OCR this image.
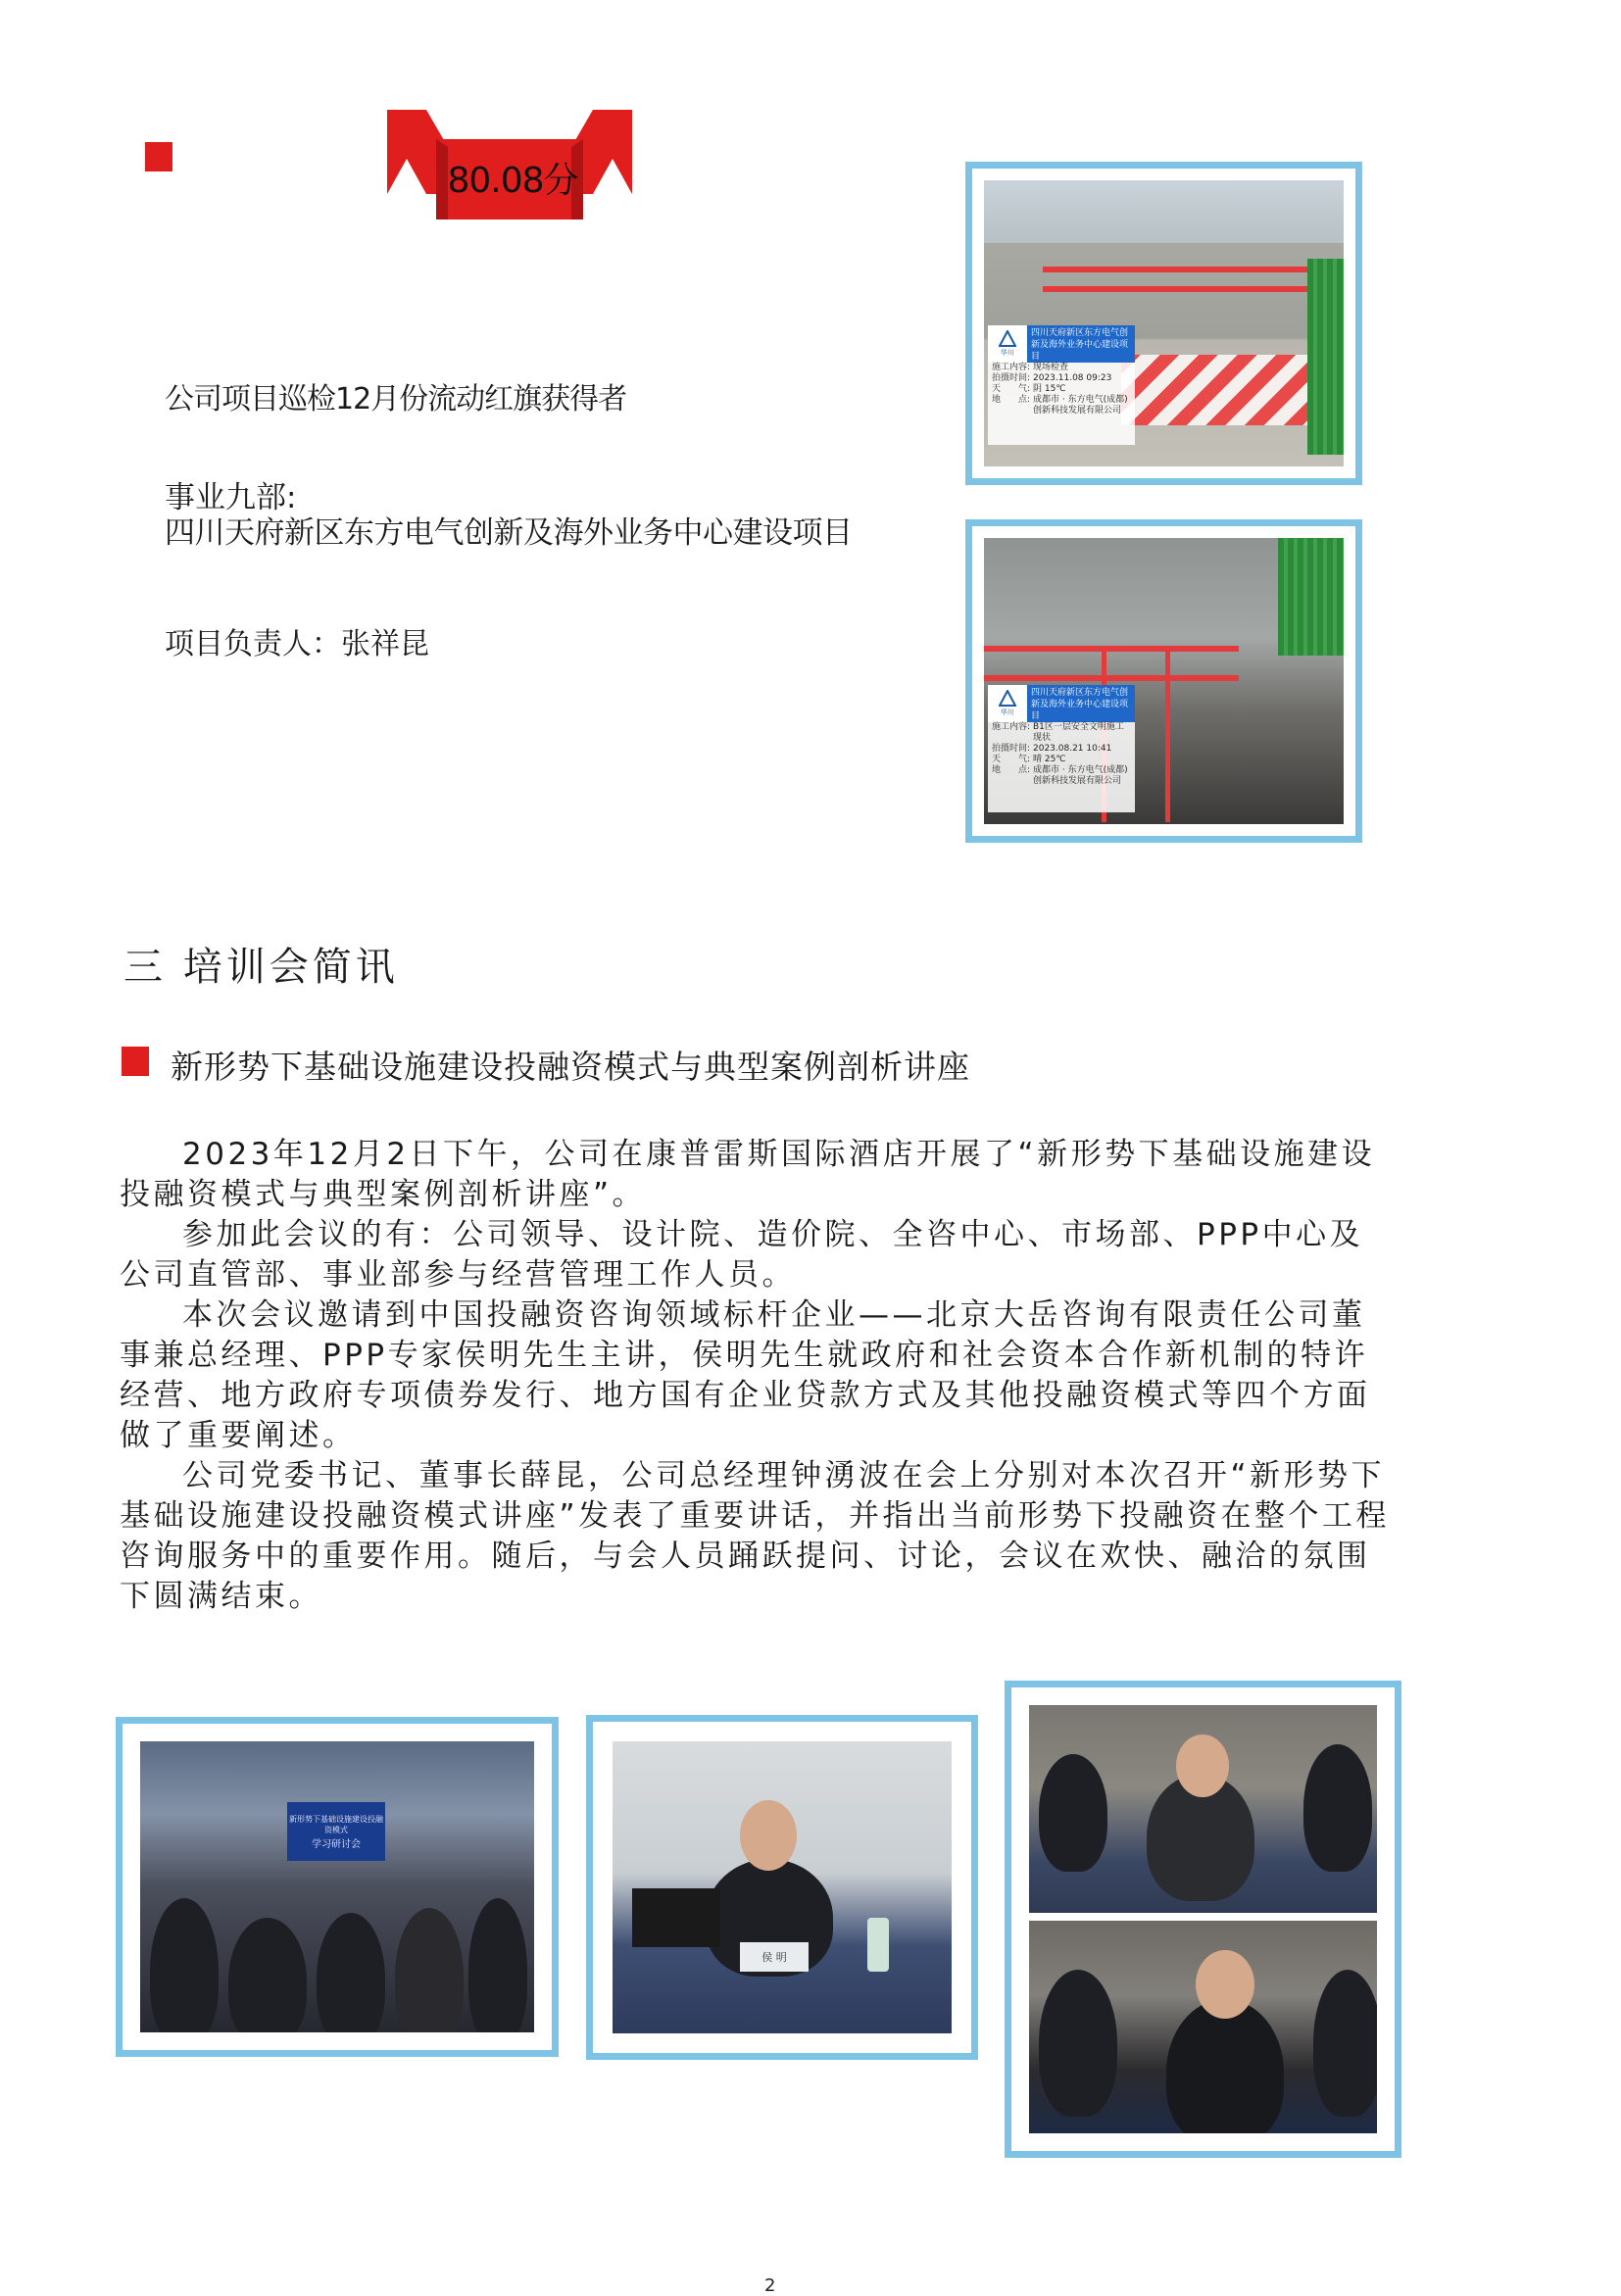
80.08分
公司项目巡检12月份流动红旗获得者
事业九部:
四川天府新区东方电气创新及海外业务中心建设项目
项目负责人：张祥昆
华川
四川天府新区东方电气创新及海外业务中心建设项目
施工内容: 现场检查
拍摄时间: 2023.11.08 09:23
天　　气: 阴 15℃
地　　点: 成都市 · 东方电气(成都)创新科技发展有限公司
华川
四川天府新区东方电气创新及海外业务中心建设项目
施工内容: B1区一层安全文明施工现状
拍摄时间: 2023.08.21 10:41
天　　气: 晴 25℃
地　　点: 成都市 · 东方电气(成都)创新科技发展有限公司
三 培训会简讯
新形势下基础设施建设投融资模式与典型案例剖析讲座

2023年12月2日下午，公司在康普雷斯国际酒店开展了“新形势下基础设施建设投融资模式与典型案例剖析讲座”。

参加此会议的有：公司领导、设计院、造价院、全咨中心、市场部、PPP中心及公司直管部、事业部参与经营管理工作人员。

本次会议邀请到中国投融资咨询领域标杆企业——北京大岳咨询有限责任公司董事兼总经理、PPP专家侯明先生主讲，侯明先生就政府和社会资本合作新机制的特许经营、地方政府专项债券发行、地方国有企业贷款方式及其他投融资模式等四个方面做了重要阐述。

公司党委书记、董事长薛昆，公司总经理钟湧波在会上分别对本次召开“新形势下基础设施建设投融资模式讲座”发表了重要讲话，并指出当前形势下投融资在整个工程咨询服务中的重要作用。随后，与会人员踊跃提问、讨论，会议在欢快、融洽的氛围下圆满结束。

新形势下基础设施建设投融资模式
学习研讨会
侯 明
2
